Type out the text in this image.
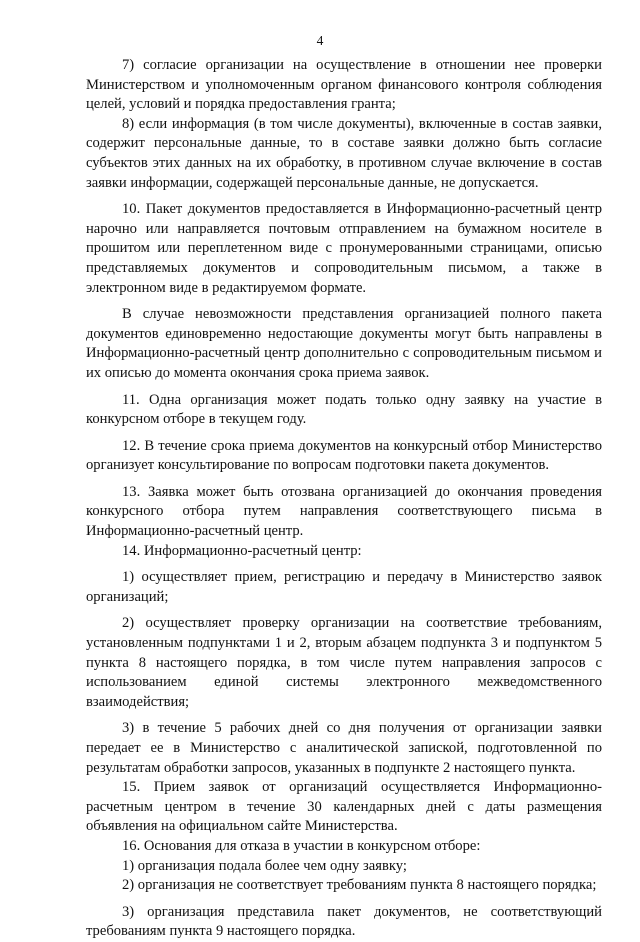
4

7) согласие организации на осуществление в отношении нее проверки Министерством и уполномоченным органом финансового контроля соблюдения целей, условий и порядка предоставления гранта;

8) если информация (в том числе документы), включенные в состав заявки, содержит персональные данные, то в составе заявки должно быть согласие субъектов этих данных на их обработку, в противном случае включение в состав заявки информации, содержащей персональные данные, не допускается.

10. Пакет документов предоставляется в Информационно-расчетный центр нарочно или направляется почтовым отправлением на бумажном носителе в прошитом или переплетенном виде с пронумерованными страницами, описью представляемых документов и сопроводительным письмом, а также в электронном виде в редактируемом формате.

В случае невозможности представления организацией полного пакета документов единовременно недостающие документы могут быть направлены в Информационно-расчетный центр дополнительно с сопроводительным письмом и их описью до момента окончания срока приема заявок.

11. Одна организация может подать только одну заявку на участие в конкурсном отборе в текущем году.

12. В течение срока приема документов на конкурсный отбор Министерство организует консультирование по вопросам подготовки пакета документов.

13. Заявка может быть отозвана организацией до окончания проведения конкурсного отбора путем направления соответствующего письма в Информационно-расчетный центр.

14. Информационно-расчетный центр:

1) осуществляет прием, регистрацию и передачу в Министерство заявок организаций;

2) осуществляет проверку организации на соответствие требованиям, установленным подпунктами 1 и 2, вторым абзацем подпункта 3 и подпунктом 5 пункта 8 настоящего порядка, в том числе путем направления запросов с использованием единой системы электронного межведомственного взаимодействия;

3) в течение 5 рабочих дней со дня получения от организации заявки передает ее в Министерство с аналитической запиской, подготовленной по результатам обработки запросов, указанных в подпункте 2 настоящего пункта.

15. Прием заявок от организаций осуществляется Информационно-расчетным центром в течение 30 календарных дней с даты размещения объявления на официальном сайте Министерства.

16. Основания для отказа в участии в конкурсном отборе:

1) организация подала более чем одну заявку;

2) организация не соответствует требованиям пункта 8 настоящего порядка;

3) организация представила пакет документов, не соответствующий требованиям пункта 9 настоящего порядка.
